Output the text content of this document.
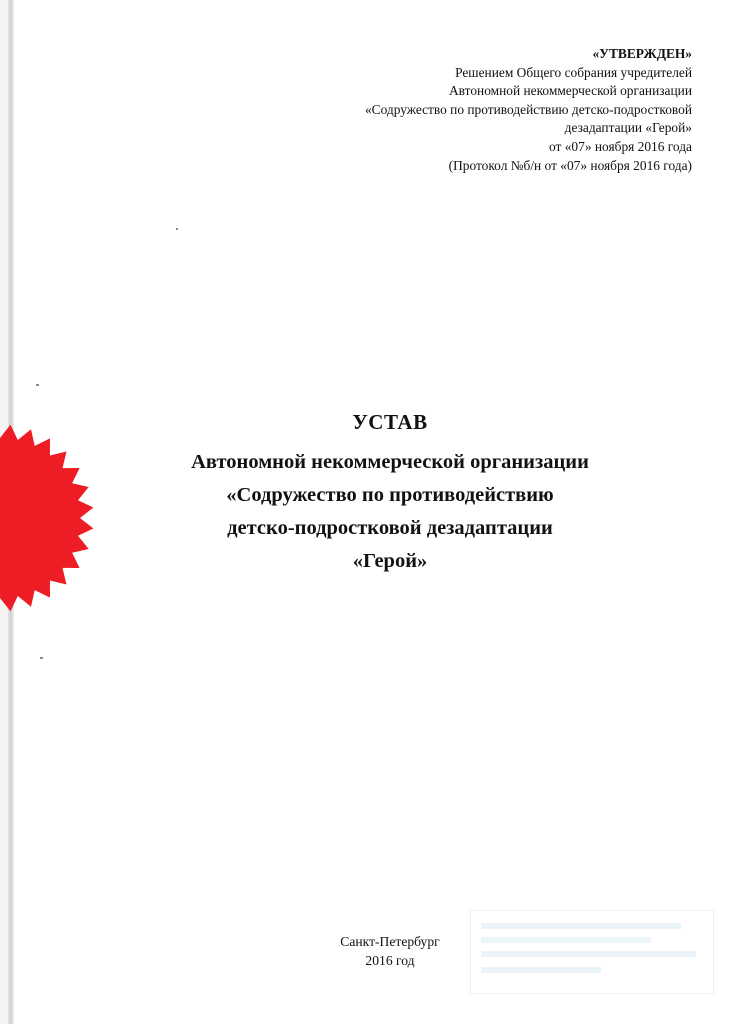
«УТВЕРЖДЕН»
Решением Общего собрания учредителей
Автономной некоммерческой организации
«Содружество по противодействию детско-подростковой
дезадаптации «Герой»
от «07» ноября 2016 года
(Протокол №б/н от «07» ноября 2016 года)
УСТАВ
Автономной некоммерческой организации
«Содружество по противодействию
детско-подростковой дезадаптации
«Герой»
Санкт-Петербург
2016 год
